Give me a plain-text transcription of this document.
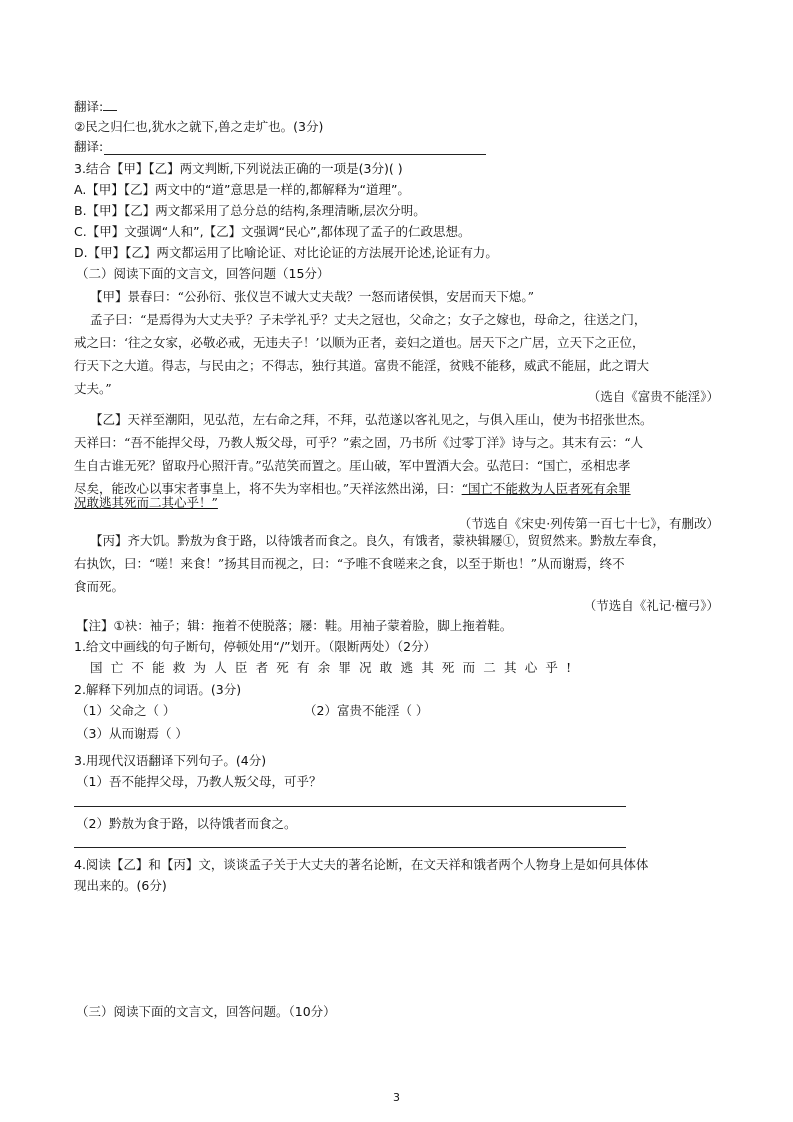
翻译:
②民之归仁也,犹水之就下,兽之走圹也。(3分)
翻译:
3.结合【甲】【乙】两文判断,下列说法正确的一项是(3分)( )
A.【甲】【乙】两文中的“道”意思是一样的,都解释为“道理”。
B.【甲】【乙】两文都采用了总分总的结构,条理清晰,层次分明。
C.【甲】文强调“人和”,【乙】文强调“民心”,都体现了孟子的仁政思想。
D.【甲】【乙】两文都运用了比喻论证、对比论证的方法展开论述,论证有力。
（二）阅读下面的文言文，回答问题（15分）
【甲】景春曰：“公孙衍、张仪岂不诚大丈夫哉？一怒而诸侯惧，安居而天下熄。”
孟子曰：“是焉得为大丈夫乎？子未学礼乎？丈夫之冠也，父命之；女子之嫁也，母命之，往送之门，
戒之曰：‘往之女家，必敬必戒，无违夫子！’以顺为正者，妾妇之道也。居天下之广居，立天下之正位，
行天下之大道。得志，与民由之；不得志，独行其道。富贵不能淫，贫贱不能移，威武不能屈，此之谓大
丈夫。”
（选自《富贵不能淫》）
【乙】天祥至潮阳，见弘范，左右命之拜，不拜，弘范遂以客礼见之，与俱入厓山，使为书招张世杰。
天祥曰：“吾不能捍父母，乃教人叛父母，可乎？”索之固，乃书所《过零丁洋》诗与之。其末有云：“人
生自古谁无死？留取丹心照汗青。”弘范笑而置之。厓山破，军中置酒大会。弘范曰：“国亡，丞相忠孝
尽矣，能改心以事宋者事皇上，将不失为宰相也。”天祥泫然出涕，曰：“国亡不能救为人臣者死有余罪
况敢逃其死而二其心乎！”
（节选自《宋史·列传第一百七十七》，有删改）
【丙】齐大饥。黔敖为食于路，以待饿者而食之。良久，有饿者，蒙袂辑屦①，贸贸然来。黔敖左奉食，
右执饮，曰：“嗟！来食！”扬其目而视之，曰：“予唯不食嗟来之食，以至于斯也！”从而谢焉，终不
食而死。
（节选自《礼记·檀弓》）
【注】①袂：袖子；辑：拖着不使脱落；屦：鞋。用袖子蒙着脸，脚上拖着鞋。
1.给文中画线的句子断句，停顿处用“/”划开。（限断两处）（2分）
国亡不能救为人臣者死有余罪况敢逃其死而二其心乎!
2.解释下列加点的词语。(3分)
（1）父命之（ ）	（2）富贵不能淫（ ）
（3）从而谢焉（ ）
3.用现代汉语翻译下列句子。(4分)
（1）吾不能捍父母，乃教人叛父母，可乎？
（2）黔敖为食于路，以待饿者而食之。
4.阅读【乙】和【丙】文，谈谈孟子关于大丈夫的著名论断，在文天祥和饿者两个人物身上是如何具体体
现出来的。(6分)
（三）阅读下面的文言文，回答问题。（10分）
3
